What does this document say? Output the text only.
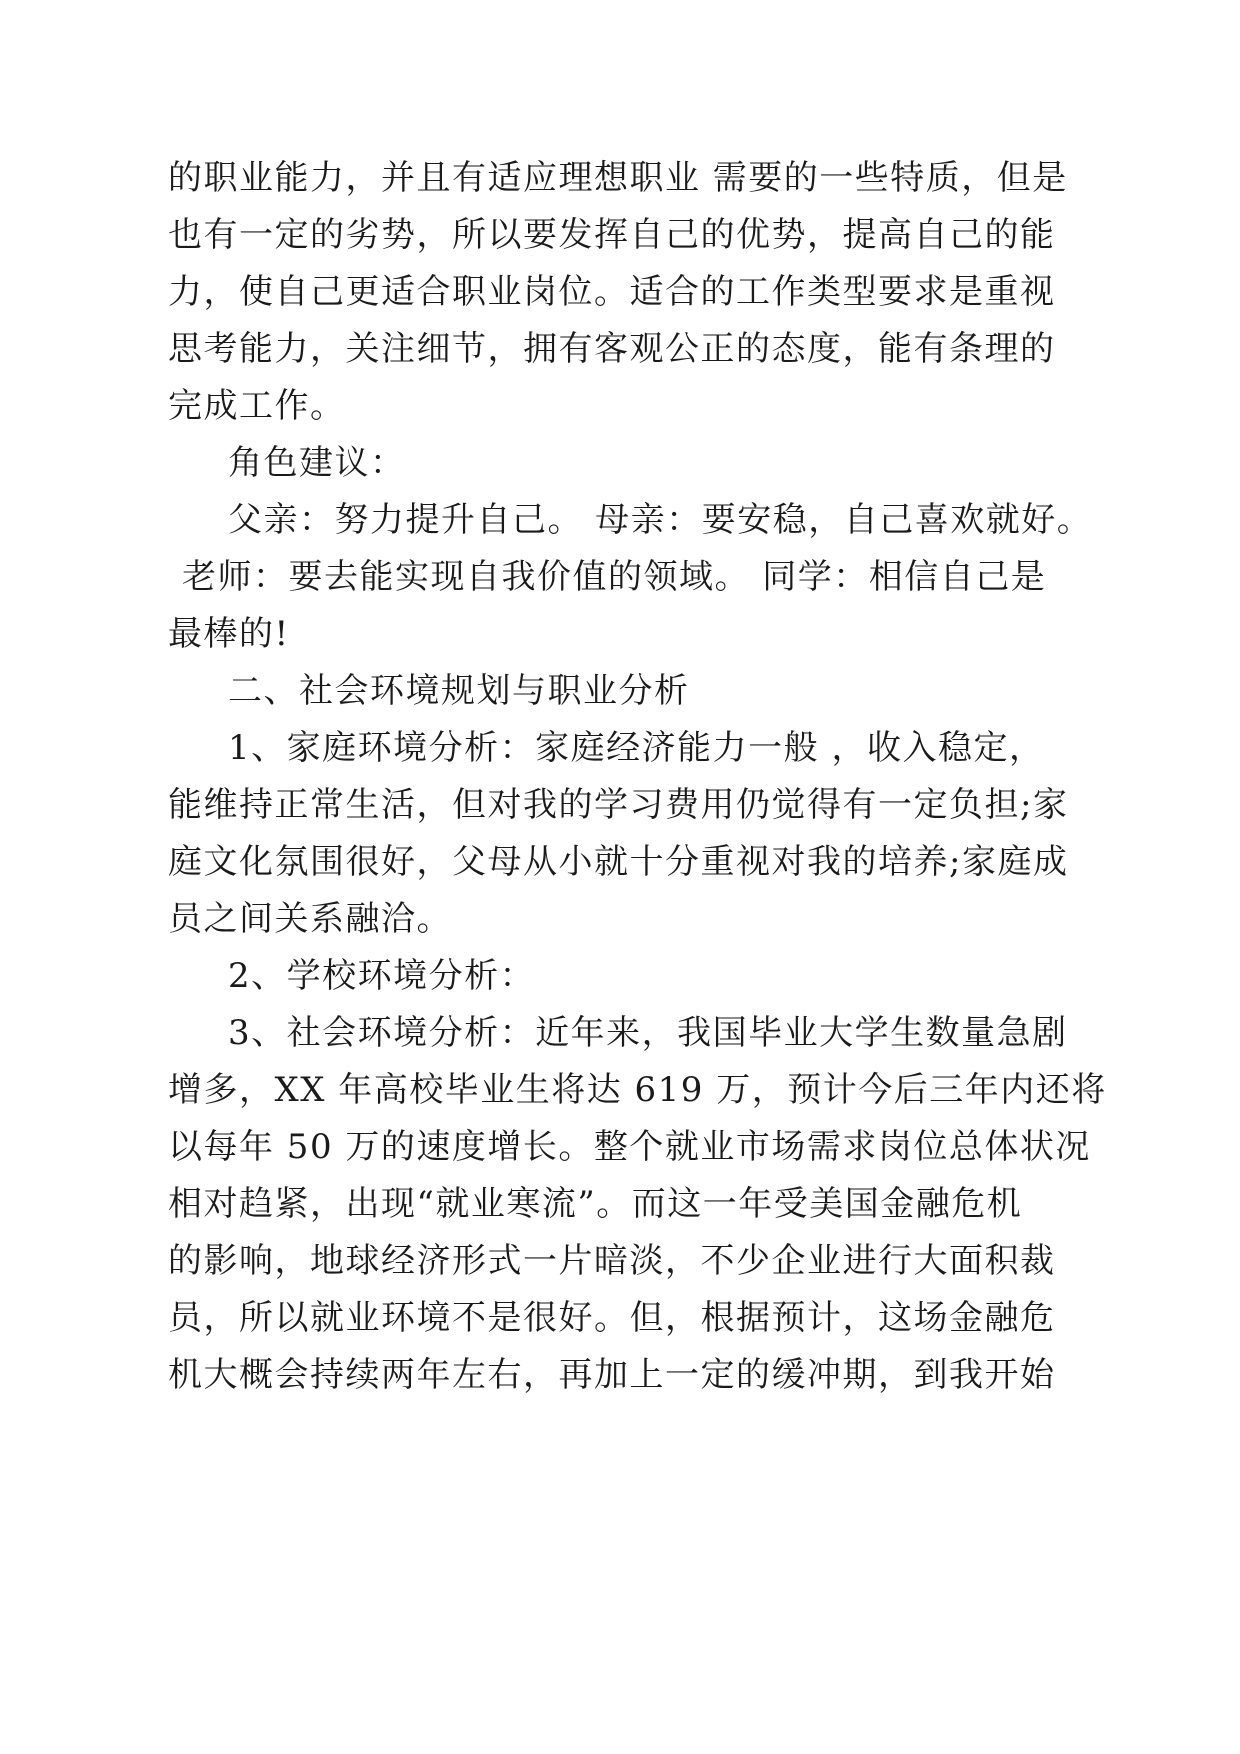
的职业能力，并且有适应理想职业 需要的一些特质，但是

也有一定的劣势，所以要发挥自己的优势，提高自己的能

力，使自己更适合职业岗位。适合的工作类型要求是重视

思考能力，关注细节，拥有客观公正的态度，能有条理的

完成工作。

角色建议：

父亲：努力提升自己。 母亲：要安稳，自己喜欢就好。

老师：要去能实现自我价值的领域。 同学：相信自己是

最棒的!

二、社会环境规划与职业分析

1、家庭环境分析：家庭经济能力一般 ，收入稳定，

能维持正常生活，但对我的学习费用仍觉得有一定负担;家

庭文化氛围很好，父母从小就十分重视对我的培养;家庭成

员之间关系融洽。

2、学校环境分析：

3、社会环境分析：近年来，我国毕业大学生数量急剧

增多，XX 年高校毕业生将达 619 万，预计今后三年内还将

以每年 50 万的速度增长。整个就业市场需求岗位总体状况

相对趋紧，出现“就业寒流”。而这一年受美国金融危机

的影响，地球经济形式一片暗淡，不少企业进行大面积裁

员，所以就业环境不是很好。但，根据预计，这场金融危

机大概会持续两年左右，再加上一定的缓冲期，到我开始
